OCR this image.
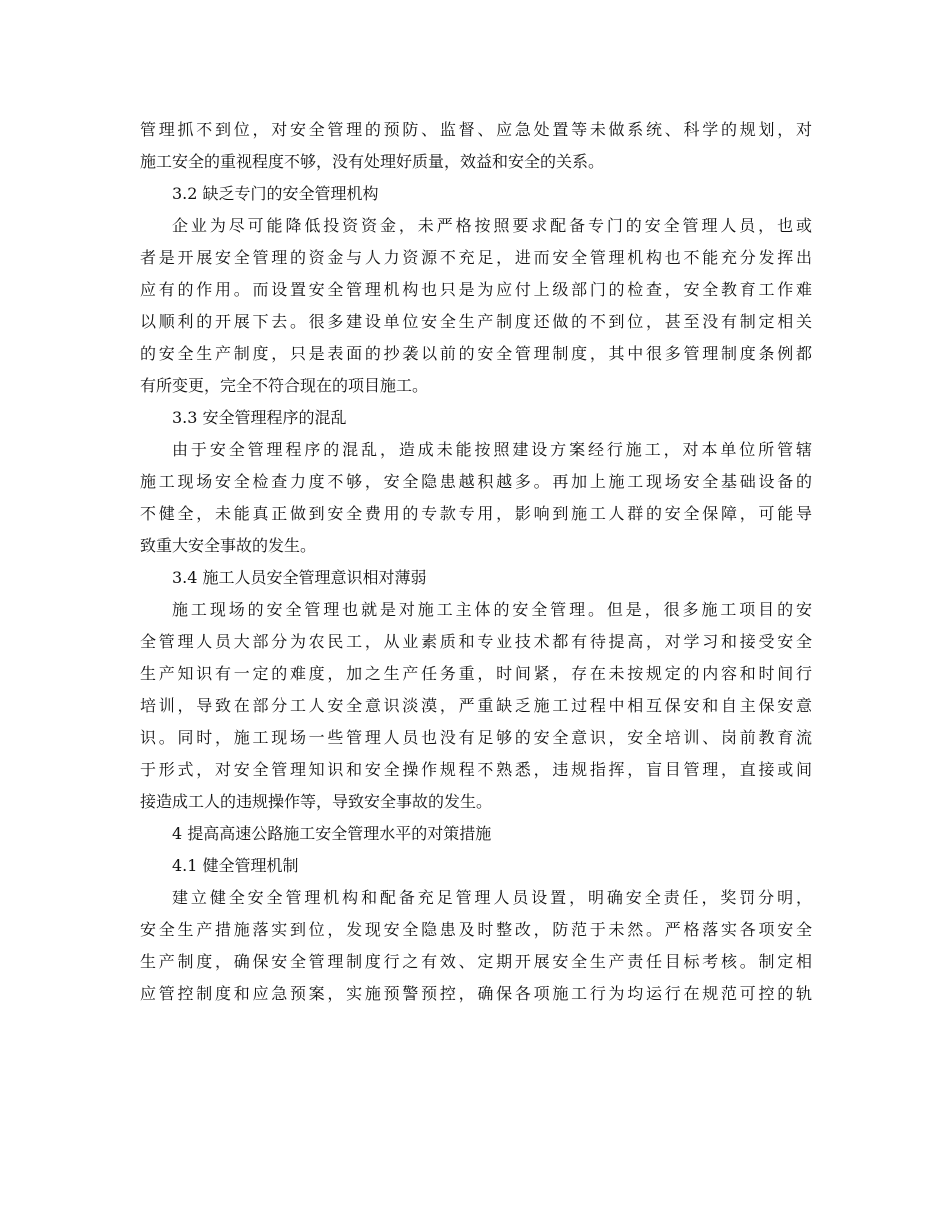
管理抓不到位，对安全管理的预防、监督、应急处置等未做系统、科学的规划，对
施工安全的重视程度不够，没有处理好质量，效益和安全的关系。
3.2 缺乏专门的安全管理机构
企业为尽可能降低投资资金，未严格按照要求配备专门的安全管理人员，也或
者是开展安全管理的资金与人力资源不充足，进而安全管理机构也不能充分发挥出
应有的作用。而设置安全管理机构也只是为应付上级部门的检查，安全教育工作难
以顺利的开展下去。很多建设单位安全生产制度还做的不到位，甚至没有制定相关
的安全生产制度，只是表面的抄袭以前的安全管理制度，其中很多管理制度条例都
有所变更，完全不符合现在的项目施工。
3.3 安全管理程序的混乱
由于安全管理程序的混乱，造成未能按照建设方案经行施工，对本单位所管辖
施工现场安全检查力度不够，安全隐患越积越多。再加上施工现场安全基础设备的
不健全，未能真正做到安全费用的专款专用，影响到施工人群的安全保障，可能导
致重大安全事故的发生。
3.4 施工人员安全管理意识相对薄弱
施工现场的安全管理也就是对施工主体的安全管理。但是，很多施工项目的安
全管理人员大部分为农民工，从业素质和专业技术都有待提高，对学习和接受安全
生产知识有一定的难度，加之生产任务重，时间紧，存在未按规定的内容和时间行
培训，导致在部分工人安全意识淡漠，严重缺乏施工过程中相互保安和自主保安意
识。同时，施工现场一些管理人员也没有足够的安全意识，安全培训、岗前教育流
于形式，对安全管理知识和安全操作规程不熟悉，违规指挥，盲目管理，直接或间
接造成工人的违规操作等，导致安全事故的发生。
4 提高高速公路施工安全管理水平的对策措施
4.1 健全管理机制
建立健全安全管理机构和配备充足管理人员设置，明确安全责任，奖罚分明，
安全生产措施落实到位，发现安全隐患及时整改，防范于未然。严格落实各项安全
生产制度，确保安全管理制度行之有效、定期开展安全生产责任目标考核。制定相
应管控制度和应急预案，实施预警预控，确保各项施工行为均运行在规范可控的轨
